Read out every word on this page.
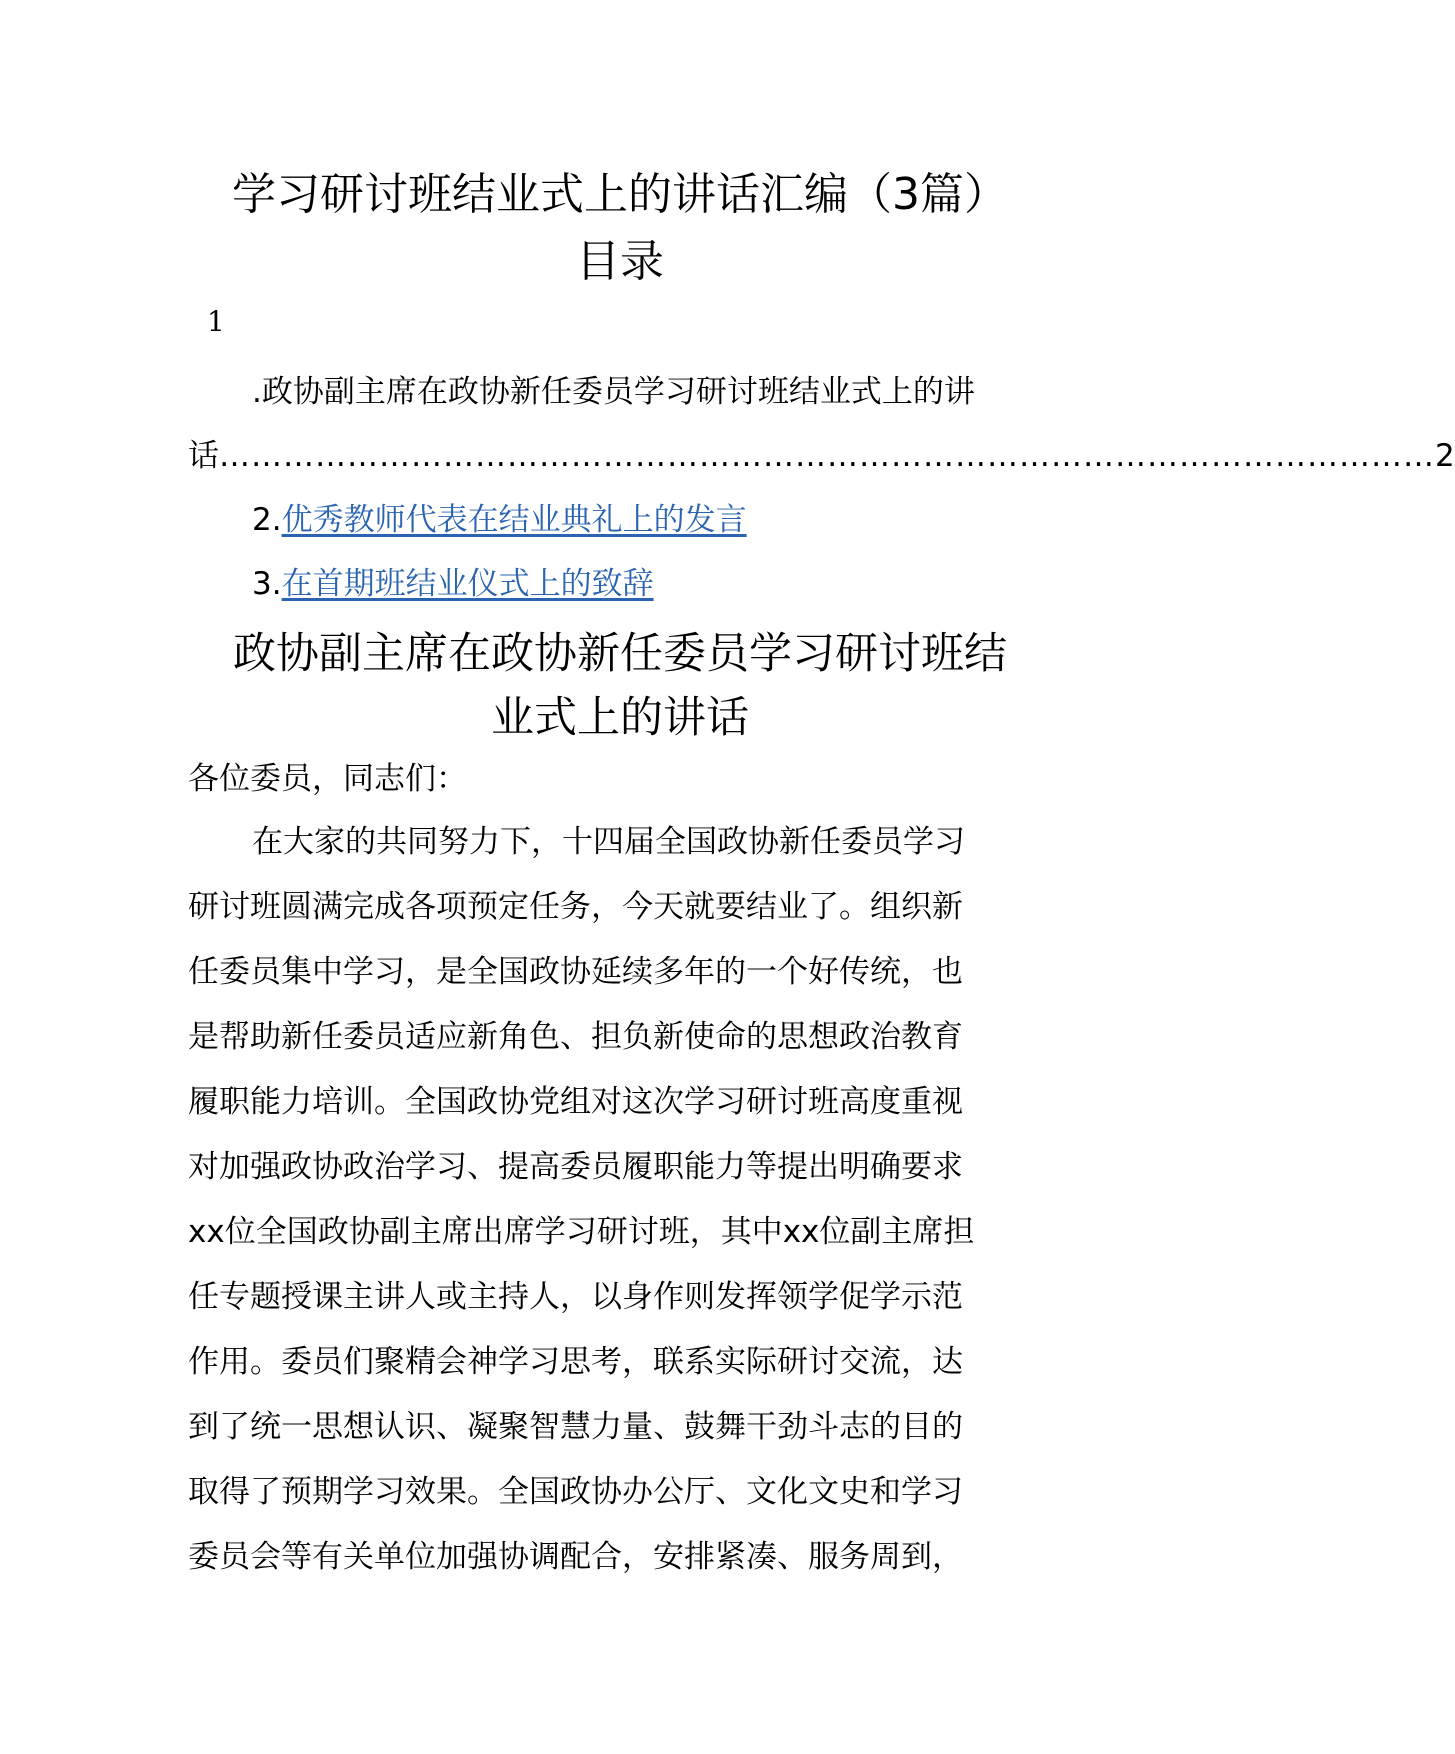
学习研讨班结业式上的讲话汇编（3篇）
目录
1
.政协副主席在政协新任委员学习研讨班结业式上的讲
话 …………………………………………………………………………………………………… 2
2.优秀教师代表在结业典礼上的发言
3.在首期班结业仪式上的致辞
政协副主席在政协新任委员学习研讨班结
业式上的讲话
各位委员，同志们：

在大家的共同努力下，十四届全国政协新任委员学习

研讨班圆满完成各项预定任务，今天就要结业了。组织新

任委员集中学习，是全国政协延续多年的一个好传统，也

是帮助新任委员适应新角色、担负新使命的思想政治教育

履职能力培训。全国政协党组对这次学习研讨班高度重视

对加强政协政治学习、提高委员履职能力等提出明确要求

xx位全国政协副主席出席学习研讨班，其中xx位副主席担

任专题授课主讲人或主持人，以身作则发挥领学促学示范

作用。委员们聚精会神学习思考，联系实际研讨交流，达

到了统一思想认识、凝聚智慧力量、鼓舞干劲斗志的目的

取得了预期学习效果。全国政协办公厅、文化文史和学习

委员会等有关单位加强协调配合，安排紧凑、服务周到，
